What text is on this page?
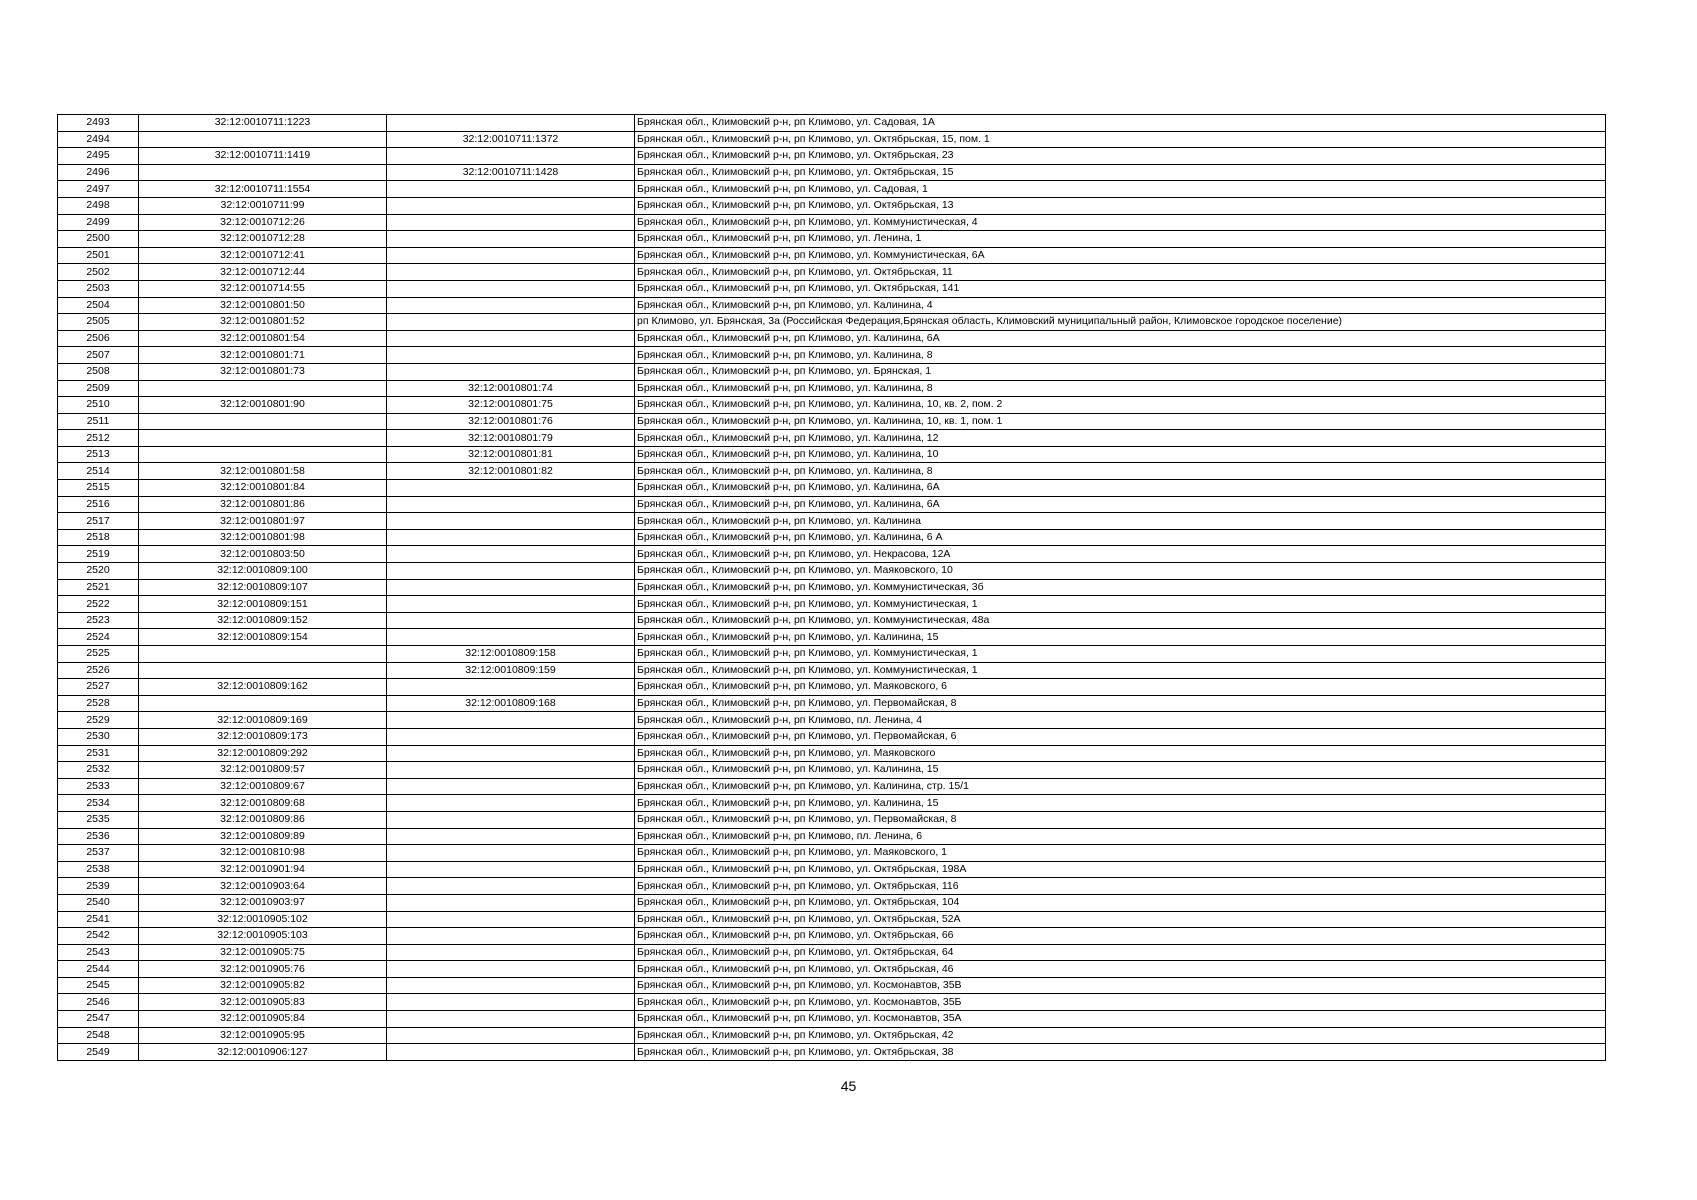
2493	32:12:0010711:1223		Брянская обл., Климовский р-н, рп Климово, ул. Садовая, 1А
2494		32:12:0010711:1372	Брянская обл., Климовский р-н, рп Климово, ул. Октябрьская, 15, пом. 1
2495	32:12:0010711:1419		Брянская обл., Климовский р-н, рп Климово, ул. Октябрьская, 23
2496		32:12:0010711:1428	Брянская обл., Климовский р-н, рп Климово, ул. Октябрьская, 15
2497	32:12:0010711:1554		Брянская обл., Климовский р-н, рп Климово, ул. Садовая, 1
2498	32:12:0010711:99		Брянская обл., Климовский р-н, рп Климово, ул. Октябрьская, 13
2499	32:12:0010712:26		Брянская обл., Климовский р-н, рп Климово, ул. Коммунистическая, 4
2500	32:12:0010712:28		Брянская обл., Климовский р-н, рп Климово, ул. Ленина, 1
2501	32:12:0010712:41		Брянская обл., Климовский р-н, рп Климово, ул. Коммунистическая, 6А
2502	32:12:0010712:44		Брянская обл., Климовский р-н, рп Климово, ул. Октябрьская, 11
2503	32:12:0010714:55		Брянская обл., Климовский р-н, рп Климово, ул. Октябрьская, 141
2504	32:12:0010801:50		Брянская обл., Климовский р-н, рп Климово, ул. Калинина, 4
2505	32:12:0010801:52		рп Климово, ул. Брянская, 3а (Российская Федерация,Брянская область, Климовский муниципальный район, Климовское городское поселение)
2506	32:12:0010801:54		Брянская обл., Климовский р-н, рп Климово, ул. Калинина, 6А
2507	32:12:0010801:71		Брянская обл., Климовский р-н, рп Климово, ул. Калинина, 8
2508	32:12:0010801:73		Брянская обл., Климовский р-н, рп Климово, ул. Брянская, 1
2509		32:12:0010801:74	Брянская обл., Климовский р-н, рп Климово, ул. Калинина, 8
2510	32:12:0010801:90	32:12:0010801:75	Брянская обл., Климовский р-н, рп Климово, ул. Калинина, 10, кв. 2, пом. 2
2511		32:12:0010801:76	Брянская обл., Климовский р-н, рп Климово, ул. Калинина, 10, кв. 1, пом. 1
2512		32:12:0010801:79	Брянская обл., Климовский р-н, рп Климово, ул. Калинина, 12
2513		32:12:0010801:81	Брянская обл., Климовский р-н, рп Климово, ул. Калинина, 10
2514	32:12:0010801:58	32:12:0010801:82	Брянская обл., Климовский р-н, рп Климово, ул. Калинина, 8
2515	32:12:0010801:84		Брянская обл., Климовский р-н, рп Климово, ул. Калинина, 6А
2516	32:12:0010801:86		Брянская обл., Климовский р-н, рп Климово, ул. Калинина, 6А
2517	32:12:0010801:97		Брянская обл., Климовский р-н, рп Климово, ул. Калинина
2518	32:12:0010801:98		Брянская обл., Климовский р-н, рп Климово, ул. Калинина, 6 А
2519	32:12:0010803:50		Брянская обл., Климовский р-н, рп Климово, ул. Некрасова, 12А
2520	32:12:0010809:100		Брянская обл., Климовский р-н, рп Климово, ул. Маяковского, 10
2521	32:12:0010809:107		Брянская обл., Климовский р-н, рп Климово, ул. Коммунистическая, 3б
2522	32:12:0010809:151		Брянская обл., Климовский р-н, рп Климово, ул. Коммунистическая, 1
2523	32:12:0010809:152		Брянская обл., Климовский р-н, рп Климово, ул. Коммунистическая, 48а
2524	32:12:0010809:154		Брянская обл., Климовский р-н, рп Климово, ул. Калинина, 15
2525		32:12:0010809:158	Брянская обл., Климовский р-н, рп Климово, ул. Коммунистическая, 1
2526		32:12:0010809:159	Брянская обл., Климовский р-н, рп Климово, ул. Коммунистическая, 1
2527	32:12:0010809:162		Брянская обл., Климовский р-н, рп Климово, ул. Маяковского, 6
2528		32:12:0010809:168	Брянская обл., Климовский р-н, рп Климово, ул. Первомайская, 8
2529	32:12:0010809:169		Брянская обл., Климовский р-н, рп Климово, пл. Ленина, 4
2530	32:12:0010809:173		Брянская обл., Климовский р-н, рп Климово, ул. Первомайская, 6
2531	32:12:0010809:292		Брянская обл., Климовский р-н, рп Климово, ул. Маяковского
2532	32:12:0010809:57		Брянская обл., Климовский р-н, рп Климово, ул. Калинина, 15
2533	32:12:0010809:67		Брянская обл., Климовский р-н, рп Климово, ул. Калинина, стр. 15/1
2534	32:12:0010809:68		Брянская обл., Климовский р-н, рп Климово, ул. Калинина, 15
2535	32:12:0010809:86		Брянская обл., Климовский р-н, рп Климово, ул. Первомайская, 8
2536	32:12:0010809:89		Брянская обл., Климовский р-н, рп Климово, пл. Ленина, 6
2537	32:12:0010810:98		Брянская обл., Климовский р-н, рп Климово, ул. Маяковского, 1
2538	32:12:0010901:94		Брянская обл., Климовский р-н, рп Климово, ул. Октябрьская, 198А
2539	32:12:0010903:64		Брянская обл., Климовский р-н, рп Климово, ул. Октябрьская, 116
2540	32:12:0010903:97		Брянская обл., Климовский р-н, рп Климово, ул. Октябрьская, 104
2541	32:12:0010905:102		Брянская обл., Климовский р-н, рп Климово, ул. Октябрьская, 52А
2542	32:12:0010905:103		Брянская обл., Климовский р-н, рп Климово, ул. Октябрьская, 66
2543	32:12:0010905:75		Брянская обл., Климовский р-н, рп Климово, ул. Октябрьская, 64
2544	32:12:0010905:76		Брянская обл., Климовский р-н, рп Климово, ул. Октябрьская, 46
2545	32:12:0010905:82		Брянская обл., Климовский р-н, рп Климово, ул. Космонавтов, 35В
2546	32:12:0010905:83		Брянская обл., Климовский р-н, рп Климово, ул. Космонавтов, 35Б
2547	32:12:0010905:84		Брянская обл., Климовский р-н, рп Климово, ул. Космонавтов, 35А
2548	32:12:0010905:95		Брянская обл., Климовский р-н, рп Климово, ул. Октябрьская, 42
2549	32:12:0010906:127		Брянская обл., Климовский р-н, рп Климово, ул. Октябрьская, 38
45
